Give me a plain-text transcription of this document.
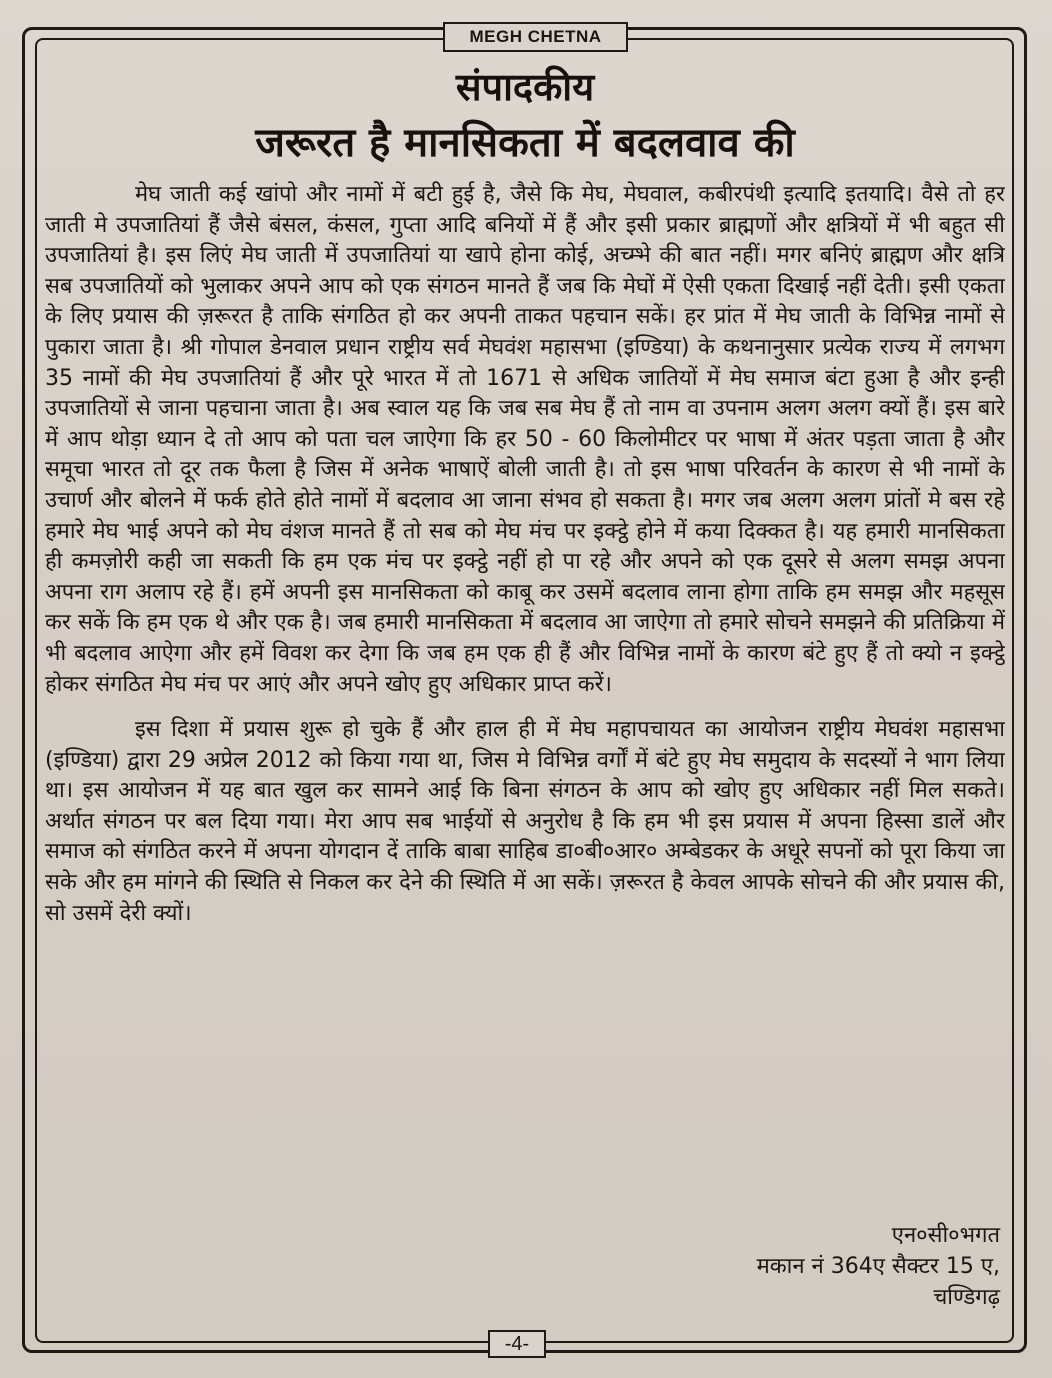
MEGH CHETNA
संपादकीय
जरूरत है मानसिकता में बदलवाव की

मेघ जाती कई खांपो और नामों में बटी हुई है, जैसे कि मेघ, मेघवाल, कबीरपंथी इत्यादि इतयादि। वैसे तो हर जाती मे उपजातियां हैं जैसे बंसल, कंसल, गुप्ता आदि बनियों में हैं और इसी प्रकार ब्राह्मणों और क्षत्रियों में भी बहुत सी उपजातियां है। इस लिएं मेघ जाती में उपजातियां या खापे होना कोई, अच्म्भे की बात नहीं। मगर बनिएं ब्राह्मण और क्षत्रि सब उपजातियों को भुलाकर अपने आप को एक संगठन मानते हैं जब कि मेघों में ऐसी एकता दिखाई नहीं देती। इसी एकता के लिए प्रयास की ज़रूरत है ताकि संगठित हो कर अपनी ताकत पहचान सकें। हर प्रांत में मेघ जाती के विभिन्न नामों से पुकारा जाता है। श्री गोपाल डेनवाल प्रधान राष्ट्रीय सर्व मेघवंश महासभा (इण्डिया) के कथनानुसार प्रत्येक राज्य में लगभग 35 नामों की मेघ उपजातियां हैं और पूरे भारत में तो 1671 से अधिक जातियों में मेघ समाज बंटा हुआ है और इन्ही उपजातियों से जाना पहचाना जाता है। अब स्वाल यह कि जब सब मेघ हैं तो नाम वा उपनाम अलग अलग क्यों हैं। इस बारे में आप थोड़ा ध्यान दे तो आप को पता चल जाऐगा कि हर 50 - 60 किलोमीटर पर भाषा में अंतर पड़ता जाता है और समूचा भारत तो दूर तक फैला है जिस में अनेक भाषाऐं बोली जाती है। तो इस भाषा परिवर्तन के कारण से भी नामों के उचार्ण और बोलने में फर्क होते होते नामों में बदलाव आ जाना संभव हो सकता है। मगर जब अलग अलग प्रांतों मे बस रहे हमारे मेघ भाई अपने को मेघ वंशज मानते हैं तो सब को मेघ मंच पर इक्ट्ठे होने में कया दिक्कत है। यह हमारी मानसिकता ही कमज़ोरी कही जा सकती कि हम एक मंच पर इक्ट्ठे नहीं हो पा रहे और अपने को एक दूसरे से अलग समझ अपना अपना राग अलाप रहे हैं। हमें अपनी इस मानसिकता को काबू कर उसमें बदलाव लाना होगा ताकि हम समझ और महसूस कर सकें कि हम एक थे और एक है। जब हमारी मानसिकता में बदलाव आ जाऐगा तो हमारे सोचने समझने की प्रतिक्रिया में भी बदलाव आऐगा और हमें विवश कर देगा कि जब हम एक ही हैं और विभिन्न नामों के कारण बंटे हुए हैं तो क्यो न इक्ट्ठे होकर संगठित मेघ मंच पर आएं और अपने खोए हुए अधिकार प्राप्त करें।

इस दिशा में प्रयास शुरू हो चुके हैं और हाल ही में मेघ महापचायत का आयोजन राष्ट्रीय मेघवंश महासभा (इण्डिया) द्वारा 29 अप्रेल 2012 को किया गया था, जिस मे विभिन्न वर्गों में बंटे हुए मेघ समुदाय के सदस्यों ने भाग लिया था। इस आयोजन में यह बात खुल कर सामने आई कि बिना संगठन के आप को खोए हुए अधिकार नहीं मिल सकते। अर्थात संगठन पर बल दिया गया। मेरा आप सब भाईयों से अनुरोध है कि हम भी इस प्रयास में अपना हिस्सा डालें और समाज को संगठित करने में अपना योगदान दें ताकि बाबा साहिब डा०बी०आर० अम्बेडकर के अधूरे सपनों को पूरा किया जा सके और हम मांगने की स्थिति से निकल कर देने की स्थिति में आ सकें। ज़रूरत है केवल आपके सोचने की और प्रयास की, सो उसमें देरी क्यों।

एन०सी०भगत
मकान नं 364ए सैक्टर 15 ए,
चण्डिगढ़
-4-
